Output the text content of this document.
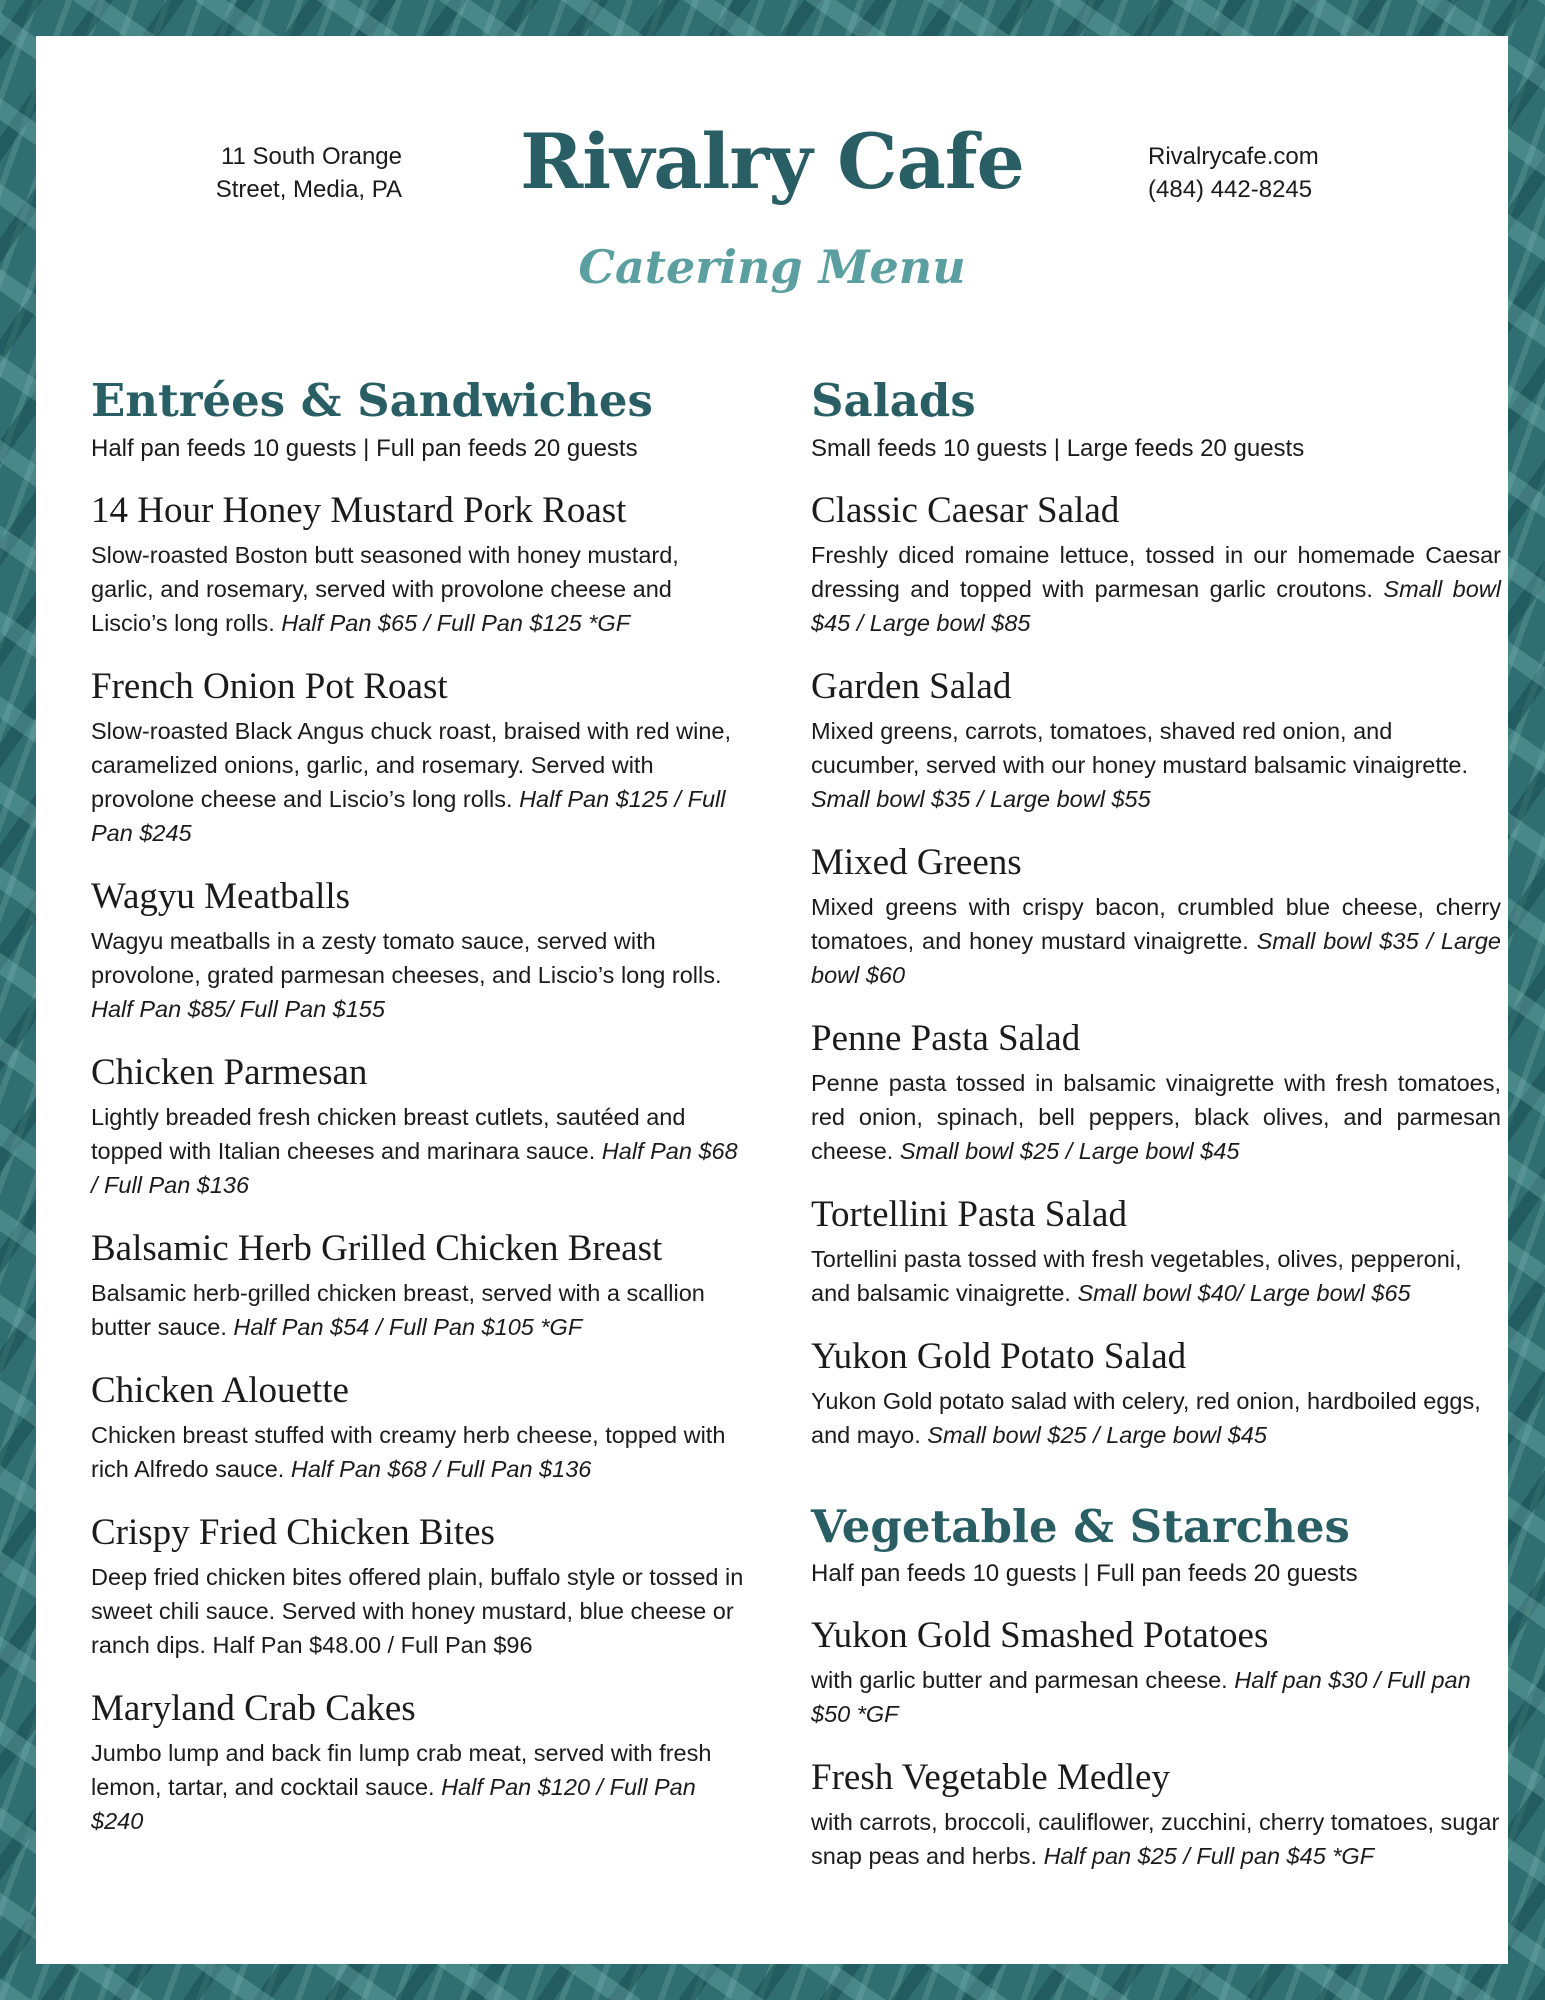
11 South Orange
Street, Media, PA	Rivalry Cafe
Catering Menu
Rivalrycafe.com
(484) 442-8245
Entrées & Sandwiches

Half pan feeds 10 guests | Full pan feeds 20 guests

14 Hour Honey Mustard Pork Roast

Slow-roasted Boston butt seasoned with honey mustard, garlic, and rosemary, served with provolone cheese and Liscio’s long rolls. Half Pan $65 / Full Pan $125 *GF

French Onion Pot Roast

Slow-roasted Black Angus chuck roast, braised with red wine, caramelized onions, garlic, and rosemary. Served with provolone cheese and Liscio’s long rolls. Half Pan $125 / Full Pan $245

Wagyu Meatballs

Wagyu meatballs in a zesty tomato sauce, served with provolone, grated parmesan cheeses, and Liscio’s long rolls. Half Pan $85/ Full Pan $155

Chicken Parmesan

Lightly breaded fresh chicken breast cutlets, sautéed and topped with Italian cheeses and marinara sauce. Half Pan $68 / Full Pan $136

Balsamic Herb Grilled Chicken Breast

Balsamic herb-grilled chicken breast, served with a scallion butter sauce. Half Pan $54 / Full Pan $105 *GF

Chicken Alouette

Chicken breast stuffed with creamy herb cheese, topped with rich Alfredo sauce. Half Pan $68 / Full Pan $136

Crispy Fried Chicken Bites

Deep fried chicken bites offered plain, buffalo style or tossed in sweet chili sauce. Served with honey mustard, blue cheese or ranch dips. Half Pan $48.00 / Full Pan $96

Maryland Crab Cakes

Jumbo lump and back fin lump crab meat, served with fresh lemon, tartar, and cocktail sauce. Half Pan $120 / Full Pan $240

Salads

Small feeds 10 guests | Large feeds 20 guests

Classic Caesar Salad

Freshly diced romaine lettuce, tossed in our homemade Caesar dressing and topped with parmesan garlic croutons. Small bowl $45 / Large bowl $85

Garden Salad

Mixed greens, carrots, tomatoes, shaved red onion, and cucumber, served with our honey mustard balsamic vinaigrette. Small bowl $35 / Large bowl $55

Mixed Greens

Mixed greens with crispy bacon, crumbled blue cheese, cherry tomatoes, and honey mustard vinaigrette. Small bowl $35 / Large bowl $60

Penne Pasta Salad

Penne pasta tossed in balsamic vinaigrette with fresh tomatoes, red onion, spinach, bell peppers, black olives, and parmesan cheese. Small bowl $25 / Large bowl $45

Tortellini Pasta Salad

Tortellini pasta tossed with fresh vegetables, olives, pepperoni, and balsamic vinaigrette. Small bowl $40/ Large bowl $65

Yukon Gold Potato Salad

Yukon Gold potato salad with celery, red onion, hardboiled eggs, and mayo. Small bowl $25 / Large bowl $45

Vegetable & Starches

Half pan feeds 10 guests | Full pan feeds 20 guests

Yukon Gold Smashed Potatoes

with garlic butter and parmesan cheese. Half pan $30 / Full pan $50 *GF

Fresh Vegetable Medley

with carrots, broccoli, cauliflower, zucchini, cherry tomatoes, sugar snap peas and herbs. Half pan $25 / Full pan $45 *GF
